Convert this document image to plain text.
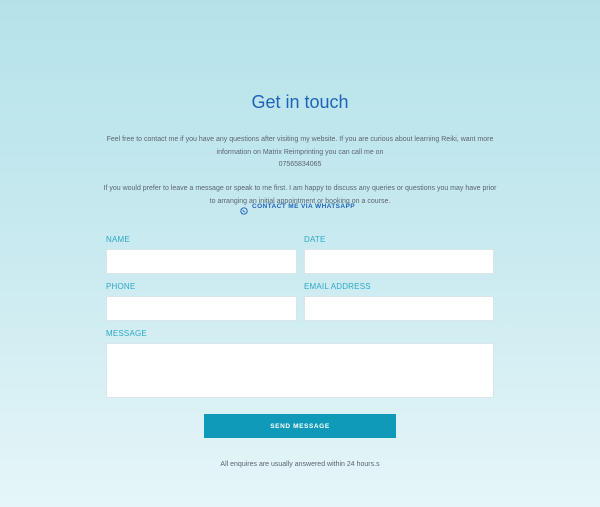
Get in touch

Feel free to contact me if you have any questions after visiting my website. If you are curious about learning Reiki, want more information on Matrix Reimprinting you can call me on
07565834065

If you would prefer to leave a message or speak to me first. I am happy to discuss any queries or questions you may have prior to arranging an initial appointment or booking on a course.

CONTACT ME VIA WHATSAPP
NAME	DATE
PHONE	EMAIL ADDRESS
MESSAGE
SEND MESSAGE
All enquires are usually answered within 24 hours.s
